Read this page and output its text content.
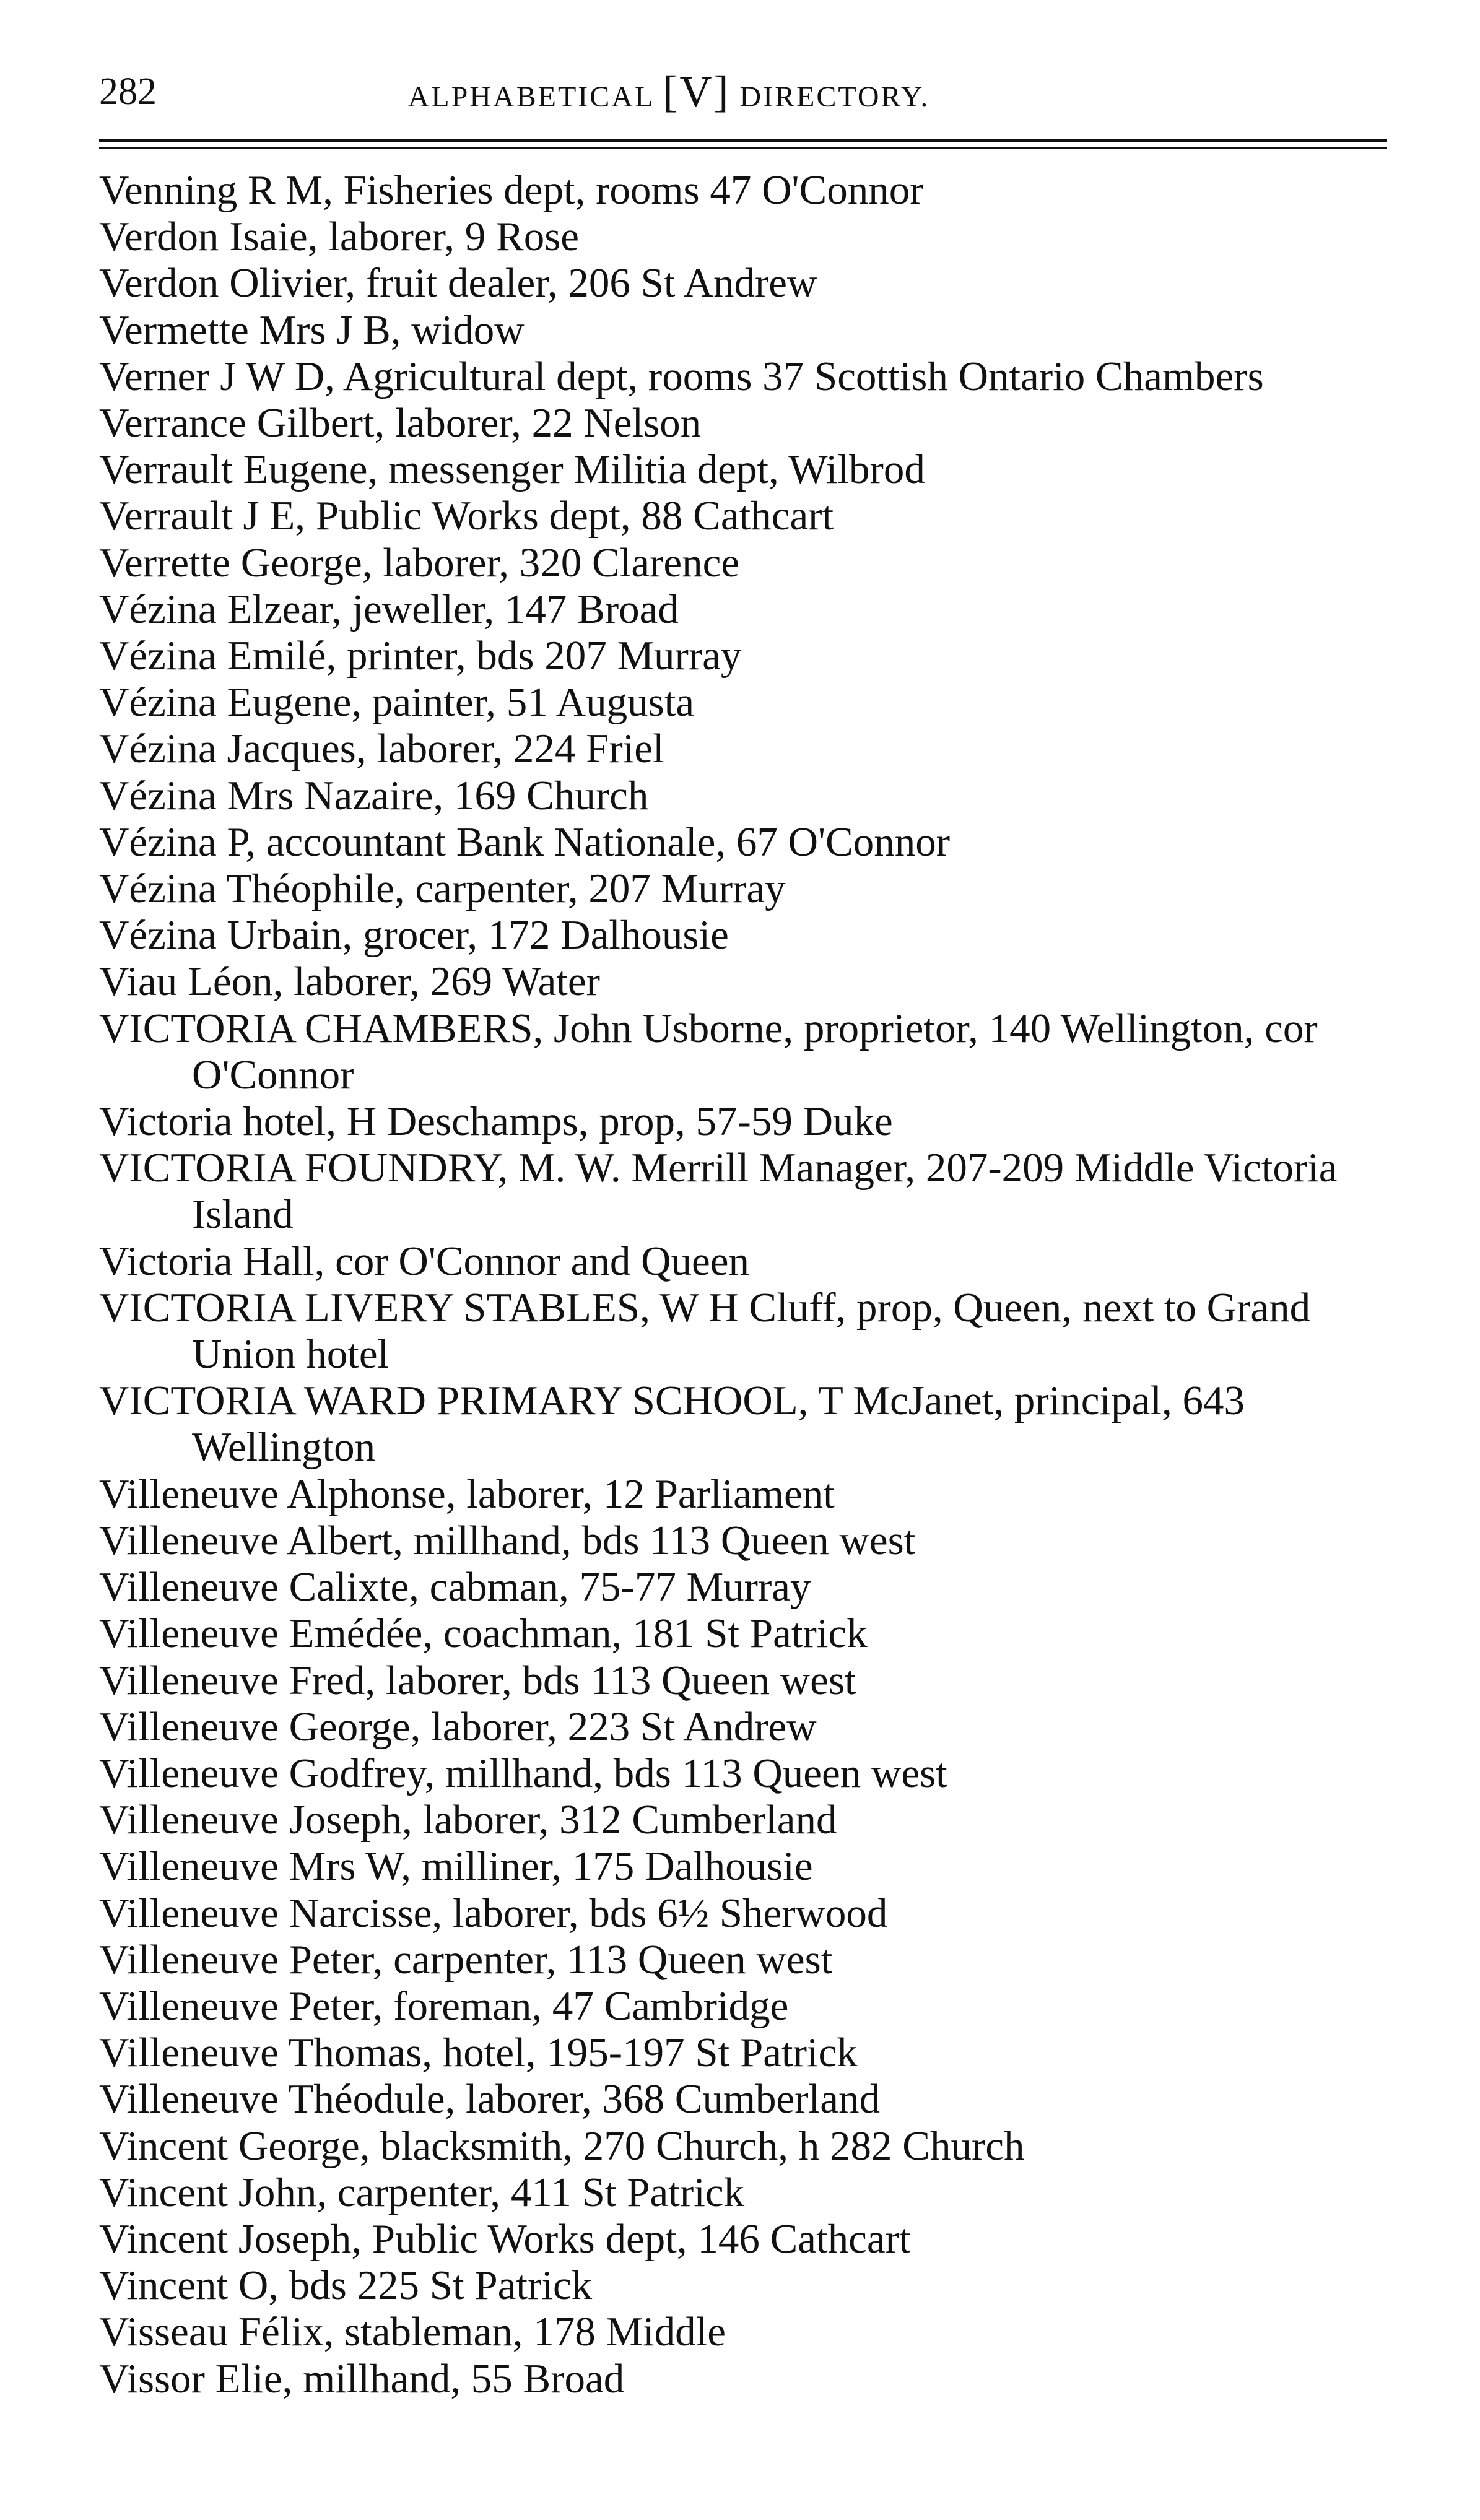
282	ALPHABETICAL [V] DIRECTORY.
Venning R M, Fisheries dept, rooms 47 O'Connor
Verdon Isaie, laborer, 9 Rose
Verdon Olivier, fruit dealer, 206 St Andrew
Vermette Mrs J B, widow
Verner J W D, Agricultural dept, rooms 37 Scottish Ontario Chambers
Verrance Gilbert, laborer, 22 Nelson
Verrault Eugene, messenger Militia dept, Wilbrod
Verrault J E, Public Works dept, 88 Cathcart
Verrette George, laborer, 320 Clarence
Vézina Elzear, jeweller, 147 Broad
Vézina Emilé, printer, bds 207 Murray
Vézina Eugene, painter, 51 Augusta
Vézina Jacques, laborer, 224 Friel
Vézina Mrs Nazaire, 169 Church
Vézina P, accountant Bank Nationale, 67 O'Connor
Vézina Théophile, carpenter, 207 Murray
Vézina Urbain, grocer, 172 Dalhousie
Viau Léon, laborer, 269 Water
VICTORIA CHAMBERS, John Usborne, proprietor, 140 Wellington, cor O'Connor
Victoria hotel, H Deschamps, prop, 57-59 Duke
VICTORIA FOUNDRY, M. W. Merrill Manager, 207-209 Middle Victoria Island
Victoria Hall, cor O'Connor and Queen
VICTORIA LIVERY STABLES, W H Cluff, prop, Queen, next to Grand Union hotel
VICTORIA WARD PRIMARY SCHOOL, T McJanet, principal, 643 Wellington
Villeneuve Alphonse, laborer, 12 Parliament
Villeneuve Albert, millhand, bds 113 Queen west
Villeneuve Calixte, cabman, 75-77 Murray
Villeneuve Emédée, coachman, 181 St Patrick
Villeneuve Fred, laborer, bds 113 Queen west
Villeneuve George, laborer, 223 St Andrew
Villeneuve Godfrey, millhand, bds 113 Queen west
Villeneuve Joseph, laborer, 312 Cumberland
Villeneuve Mrs W, milliner, 175 Dalhousie
Villeneuve Narcisse, laborer, bds 6½ Sherwood
Villeneuve Peter, carpenter, 113 Queen west
Villeneuve Peter, foreman, 47 Cambridge
Villeneuve Thomas, hotel, 195-197 St Patrick
Villeneuve Théodule, laborer, 368 Cumberland
Vincent George, blacksmith, 270 Church, h 282 Church
Vincent John, carpenter, 411 St Patrick
Vincent Joseph, Public Works dept, 146 Cathcart
Vincent O, bds 225 St Patrick
Visseau Félix, stableman, 178 Middle
Vissor Elie, millhand, 55 Broad
